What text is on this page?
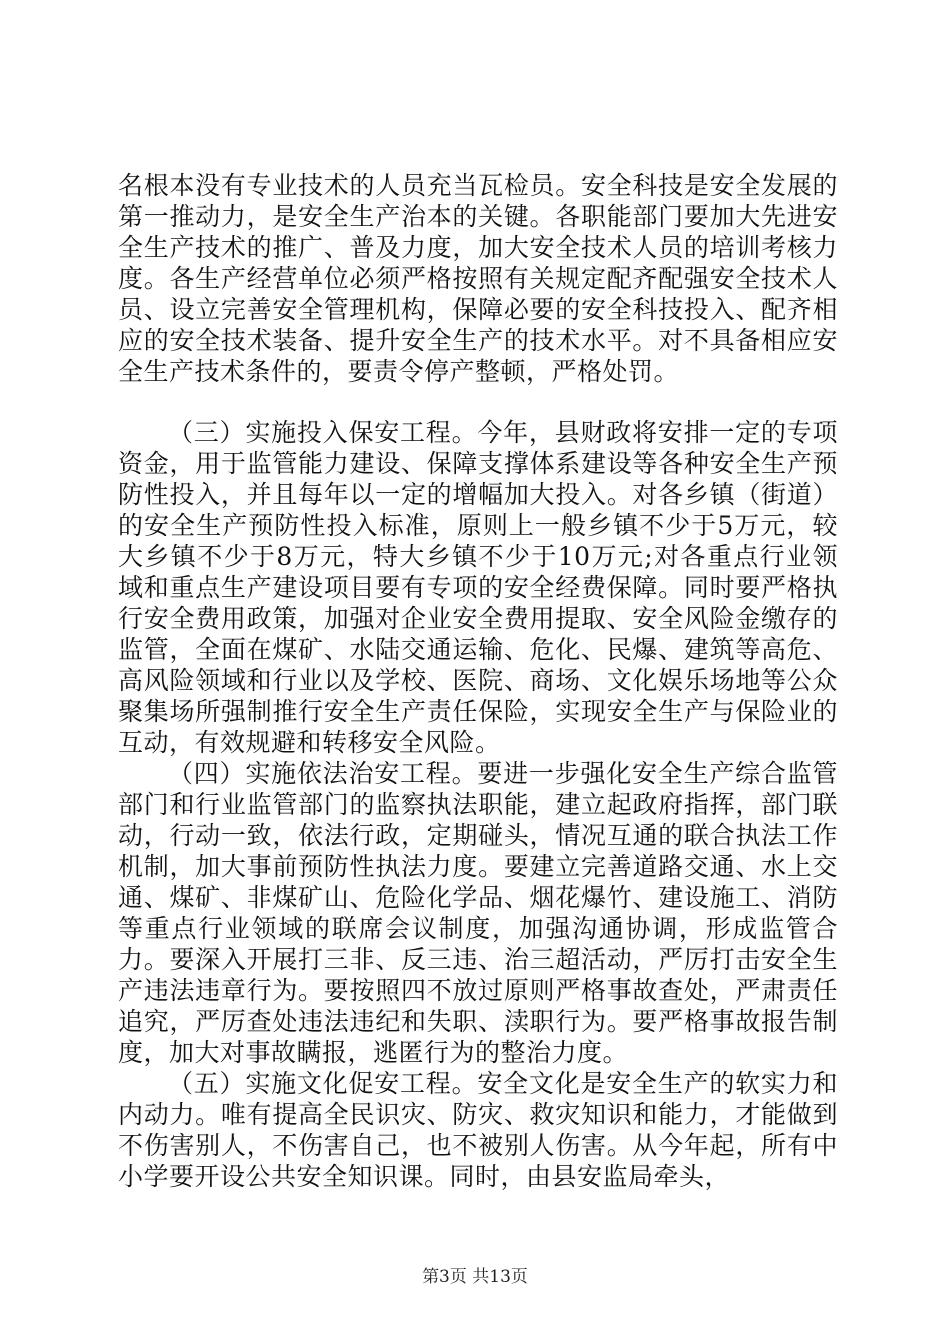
名根本没有专业技术的人员充当瓦检员。安全科技是安全发展的第一推动力，是安全生产治本的关键。各职能部门要加大先进安全生产技术的推广、普及力度，加大安全技术人员的培训考核力度。各生产经营单位必须严格按照有关规定配齐配强安全技术人员、设立完善安全管理机构，保障必要的安全科技投入、配齐相应的安全技术装备、提升安全生产的技术水平。对不具备相应安全生产技术条件的，要责令停产整顿，严格处罚。

（三）实施投入保安工程。今年，县财政将安排一定的专项资金，用于监管能力建设、保障支撑体系建设等各种安全生产预防性投入，并且每年以一定的增幅加大投入。对各乡镇（街道）的安全生产预防性投入标准，原则上一般乡镇不少于5万元，较大乡镇不少于8万元，特大乡镇不少于10万元;对各重点行业领域和重点生产建设项目要有专项的安全经费保障。同时要严格执行安全费用政策，加强对企业安全费用提取、安全风险金缴存的监管，全面在煤矿、水陆交通运输、危化、民爆、建筑等高危、高风险领域和行业以及学校、医院、商场、文化娱乐场地等公众聚集场所强制推行安全生产责任保险，实现安全生产与保险业的互动，有效规避和转移安全风险。

（四）实施依法治安工程。要进一步强化安全生产综合监管部门和行业监管部门的监察执法职能，建立起政府指挥，部门联动，行动一致，依法行政，定期碰头，情况互通的联合执法工作机制，加大事前预防性执法力度。要建立完善道路交通、水上交通、煤矿、非煤矿山、危险化学品、烟花爆竹、建设施工、消防等重点行业领域的联席会议制度，加强沟通协调，形成监管合力。要深入开展打三非、反三违、治三超活动，严厉打击安全生产违法违章行为。要按照四不放过原则严格事故查处，严肃责任追究，严厉查处违法违纪和失职、渎职行为。要严格事故报告制度，加大对事故瞒报，逃匿行为的整治力度。

（五）实施文化促安工程。安全文化是安全生产的软实力和内动力。唯有提高全民识灾、防灾、救灾知识和能力，才能做到不伤害别人，不伤害自己，也不被别人伤害。从今年起，所有中小学要开设公共安全知识课。同时，由县安监局牵头，

第3页 共13页
